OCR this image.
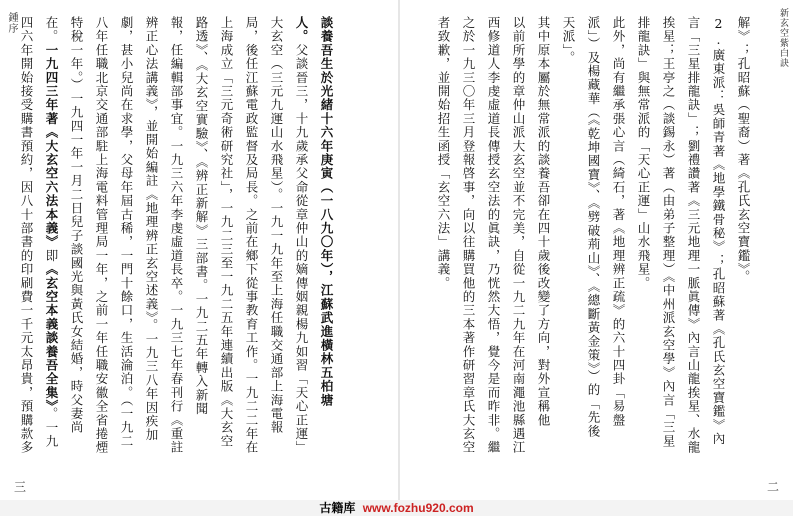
新玄空紫白訣
二
解》；孔昭蘇（聖裔）著《孔氏玄空寶鑑》。
2.廣東派：吳師青著《地學鐵骨秘》；孔昭蘇著《孔氏玄空寶鑑》內
言「三星排龍訣」；劉禮讚著《三元地理一脈眞傳》內言山龍挨星、水龍
挨星；王亭之（談錫永）著（由弟子整理）《中州派玄空學》內言「三星
排龍訣」與無常派的「天心正運」山水飛星。
此外，尚有繼承張心言（綺石，著《地理辨正疏》的六十四卦「易盤
派」）及楊藏華（《乾坤國寶》、《劈破荊山》、《總斷黃金策》）的「先後
天派」。
其中原本屬於無常派的談養吾卻在四十歲後改變了方向，對外宣稱他
以前所學的章仲山派大玄空並不完美，自從一九二九年在河南澠池縣遇江
西修道人李虔虛道長傳授玄空法的眞訣，乃恍然大悟，覺今是而昨非。繼
之於一九三〇年三月登報啓事，向以往購買他的三本著作研習章氏大玄空
者致歉，並開始招生函授「玄空六法」講義。
鍾序
三
談養吾生於光緒十六年庚寅（一八九〇年），江蘇武進橫林五柏塘
人。父談晉三，十九歲承父命從章仲山的嫡傳姻親楊九如習「天心正運」
大玄空（三元九運山水飛星）。一九一九年至上海任職交通部上海電報
局，後任江蘇電政監督及局長。之前在鄉下從事教育工作。一九二二年在
上海成立「三元奇術研究社」，一九二三至一九二五年連續出版《大玄空
路透》、《大玄空實驗》、《辨正新解》三部書。一九二五年轉入新聞
報，任編輯部事宜。一九三六年李虔虛道長卒。一九三七年春刊行《重註
辨正心法講義》，並開始編註《地理辨正玄空述義》。一九三八年因疾加
劇，甚小兒尚在求學，父母年屆古稀，一門十餘口，生活淪泊。（一九二
八年任職北京交通部駐上海電料管理局一年，之前一年任職安徽全省捲煙
特稅一年。）一九四一年一月二日兒子談國光與黃氏女結婚，時父妻尚
在。一九四三年著《大玄空六法本義》即《玄空本義談養吾全集》。一九
四六年開始接受購書預約，因八十部書的印刷費一千元太昂貴，預購款多
古籍库 www.fozhu920.com
